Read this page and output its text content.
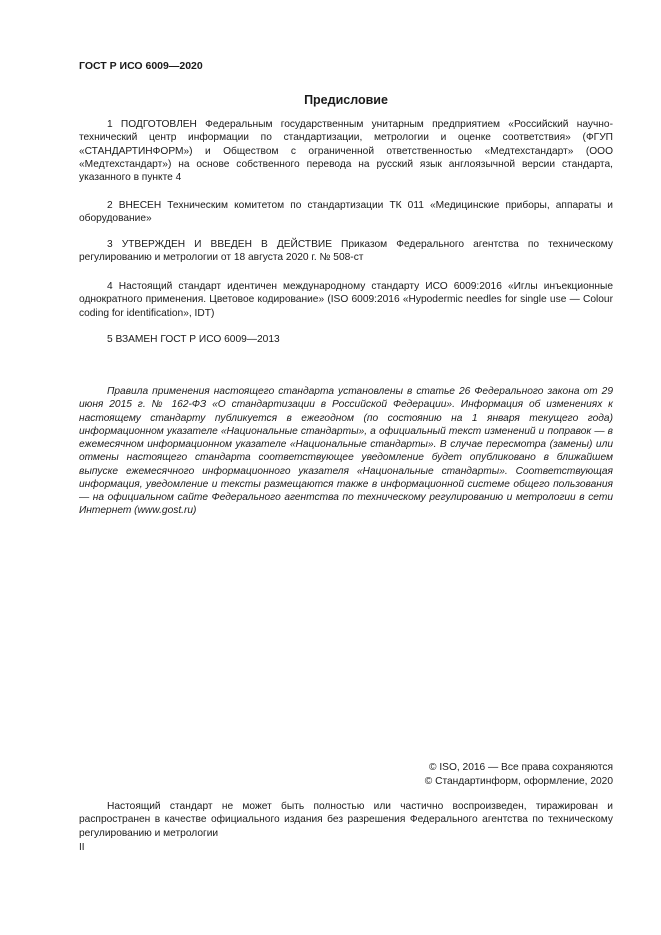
ГОСТ Р ИСО 6009—2020
Предисловие

1 ПОДГОТОВЛЕН Федеральным государственным унитарным предприятием «Российский научно-технический центр информации по стандартизации, метрологии и оценке соответствия» (ФГУП «СТАНДАРТИНФОРМ») и Обществом с ограниченной ответственностью «Медтехстандарт» (ООО «Медтехстандарт») на основе собственного перевода на русский язык англоязычной версии стандарта, указанного в пункте 4

2 ВНЕСЕН Техническим комитетом по стандартизации ТК 011 «Медицинские приборы, аппараты и оборудование»

3 УТВЕРЖДЕН И ВВЕДЕН В ДЕЙСТВИЕ Приказом Федерального агентства по техническому регулированию и метрологии от 18 августа 2020 г. № 508-ст

4 Настоящий стандарт идентичен международному стандарту ИСО 6009:2016 «Иглы инъекционные однократного применения. Цветовое кодирование» (ISO 6009:2016 «Hypodermic needles for single use — Colour coding for identification», IDT)

5 ВЗАМЕН ГОСТ Р ИСО 6009—2013

Правила применения настоящего стандарта установлены в статье 26 Федерального закона от 29 июня 2015 г. № 162-ФЗ «О стандартизации в Российской Федерации». Информация об изменениях к настоящему стандарту публикуется в ежегодном (по состоянию на 1 января текущего года) информационном указателе «Национальные стандарты», а официальный текст изменений и поправок — в ежемесячном информационном указателе «Национальные стандарты». В случае пересмотра (замены) или отмены настоящего стандарта соответствующее уведомление будет опубликовано в ближайшем выпуске ежемесячного информационного указателя «Национальные стандарты». Соответствующая информация, уведомление и тексты размещаются также в информационной системе общего пользования — на официальном сайте Федерального агентства по техническому регулированию и метрологии в сети Интернет (www.gost.ru)

© ISO, 2016 — Все права сохраняются
© Стандартинформ, оформление, 2020

Настоящий стандарт не может быть полностью или частично воспроизведен, тиражирован и распространен в качестве официального издания без разрешения Федерального агентства по техническому регулированию и метрологии

II
